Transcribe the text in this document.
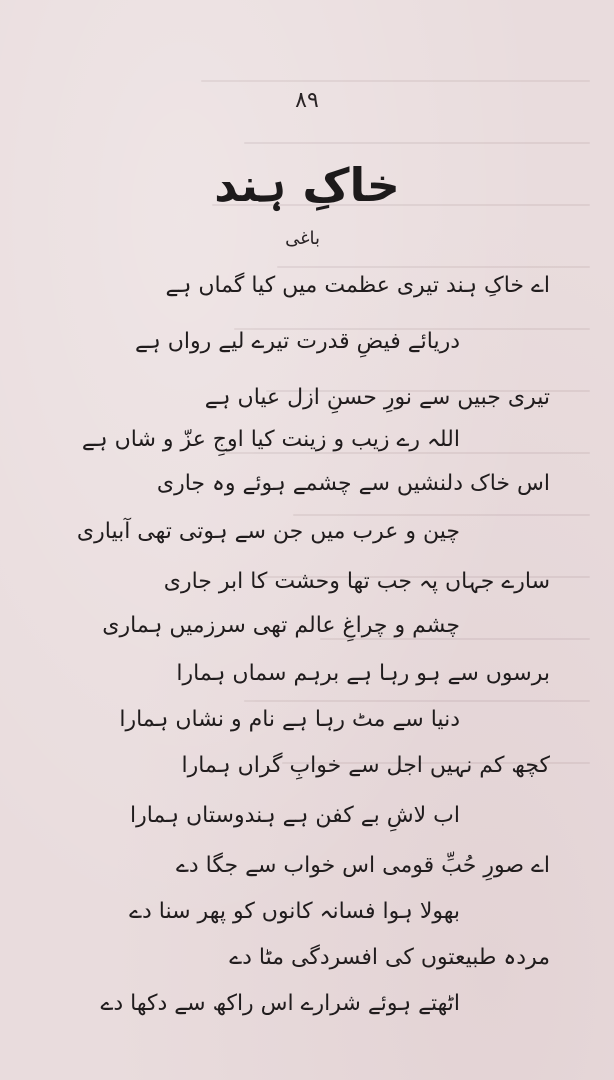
۸۹
خاکِ ہند
باغی
اے خاکِ ہند تیری عظمت میں کیا گماں ہے
دریائے فیضِ قدرت تیرے لیے رواں ہے
تیری جبیں سے نورِ حسنِ ازل عیاں ہے
اللہ رے زیب و زینت کیا اوجِ عزّ و شاں ہے
اس خاک دلنشیں سے چشمے ہوئے وہ جاری
چین و عرب میں جن سے ہوتی تھی آبیاری
سارے جہاں پہ جب تھا وحشت کا ابر جاری
چشم و چراغِ عالم تھی سرزمیں ہماری
برسوں سے ہو رہا ہے برہم سماں ہمارا
دنیا سے مٹ رہا ہے نام و نشاں ہمارا
کچھ کم نہیں اجل سے خوابِ گراں ہمارا
اب لاشِ بے کفن ہے ہندوستاں ہمارا
اے صورِ حُبِّ قومی اس خواب سے جگا دے
بھولا ہوا فسانہ کانوں کو پھر سنا دے
مردہ طبیعتوں کی افسردگی مٹا دے
اٹھتے ہوئے شرارے اس راکھ سے دکھا دے
